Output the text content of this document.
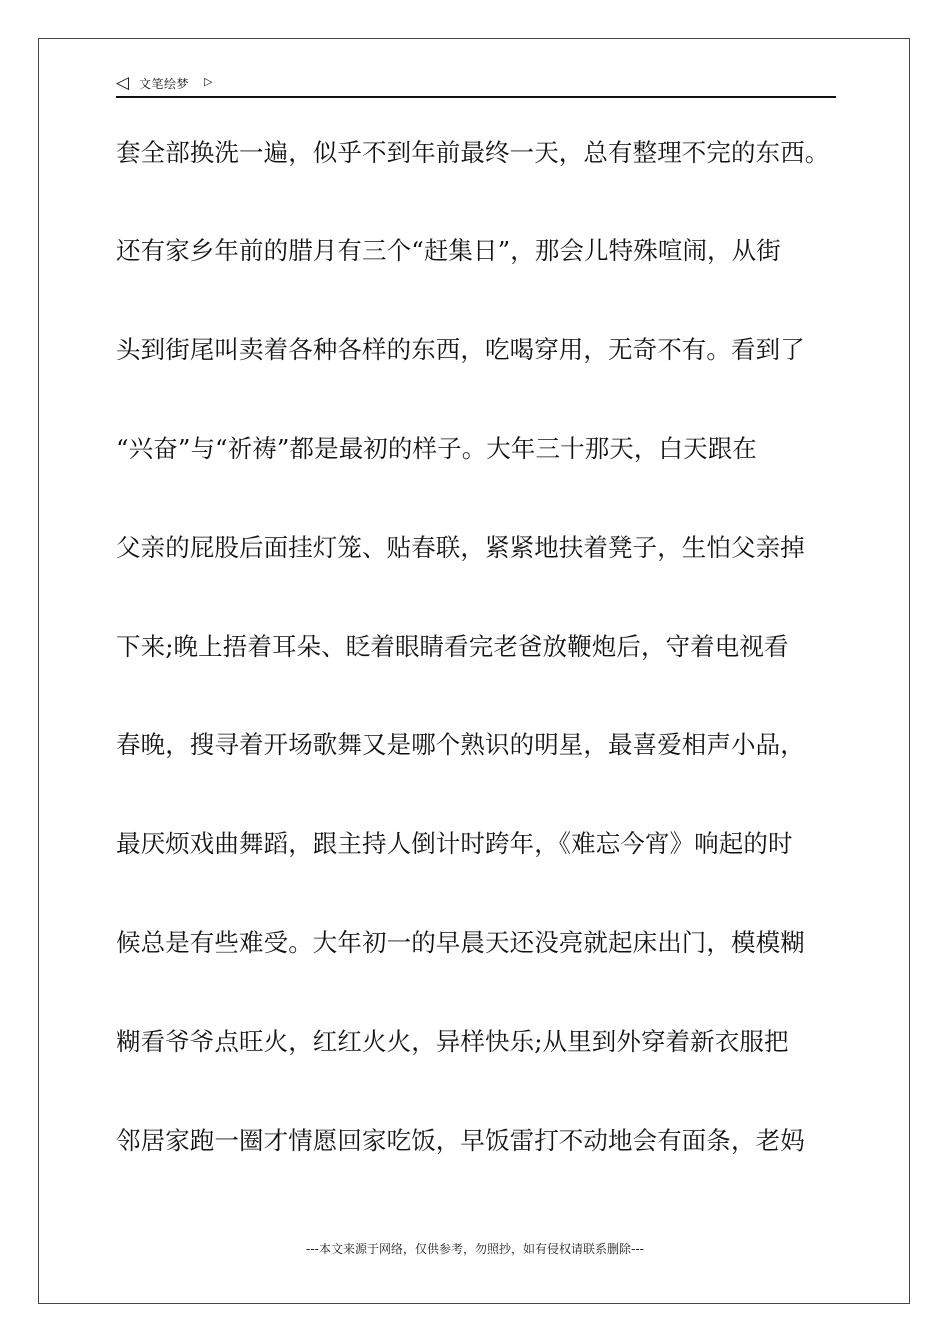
◁ 文笔绘梦 ▷
套全部换洗一遍，似乎不到年前最终一天，总有整理不完的东西。
还有家乡年前的腊月有三个“赶集日”，那会儿特殊喧闹，从街
头到街尾叫卖着各种各样的东西，吃喝穿用，无奇不有。看到了
“兴奋”与“祈祷”都是最初的样子。大年三十那天，白天跟在
父亲的屁股后面挂灯笼、贴春联，紧紧地扶着凳子，生怕父亲掉
下来;晚上捂着耳朵、眨着眼睛看完老爸放鞭炮后，守着电视看
春晚，搜寻着开场歌舞又是哪个熟识的明星，最喜爱相声小品，
最厌烦戏曲舞蹈，跟主持人倒计时跨年，《难忘今宵》响起的时
候总是有些难受。大年初一的早晨天还没亮就起床出门，模模糊
糊看爷爷点旺火，红红火火，异样快乐;从里到外穿着新衣服把
邻居家跑一圈才情愿回家吃饭，早饭雷打不动地会有面条，老妈
---本文来源于网络，仅供参考，勿照抄，如有侵权请联系删除---
